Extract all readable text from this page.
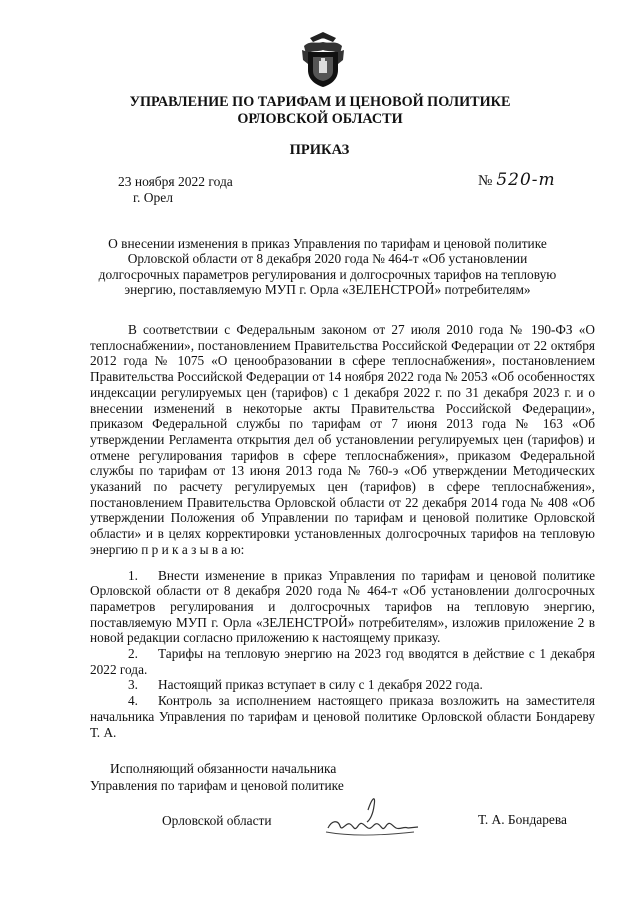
УПРАВЛЕНИЕ ПО ТАРИФАМ И ЦЕНОВОЙ ПОЛИТИКЕ
ОРЛОВСКОЙ ОБЛАСТИ
ПРИКАЗ
23 ноября 2022 года
г. Орел
№ 520-т
О внесении изменения в приказ Управления по тарифам и ценовой политике
Орловской области от 8 декабря 2020 года № 464-т «Об установлении
долгосрочных параметров регулирования и долгосрочных тарифов на тепловую
энергию, поставляемую МУП г. Орла «ЗЕЛЕНСТРОЙ» потребителям»

В соответствии с Федеральным законом от 27 июля 2010 года № 190-ФЗ «О теплоснабжении», постановлением Правительства Российской Федерации от 22 октября 2012 года № 1075 «О ценообразовании в сфере теплоснабжения», постановлением Правительства Российской Федерации от 14 ноября 2022 года № 2053 «Об особенностях индексации регулируемых цен (тарифов) с 1 декабря 2022 г. по 31 декабря 2023 г. и о внесении изменений в некоторые акты Правительства Российской Федерации», приказом Федеральной службы по тарифам от 7 июня 2013 года № 163 «Об утверждении Регламента открытия дел об установлении регулируемых цен (тарифов) и отмене регулирования тарифов в сфере теплоснабжения», приказом Федеральной службы по тарифам от 13 июня 2013 года № 760-э «Об утверждении Методических указаний по расчету регулируемых цен (тарифов) в сфере теплоснабжения», постановлением Правительства Орловской области от 22 декабря 2014 года № 408 «Об утверждении Положения об Управлении по тарифам и ценовой политике Орловской области» и в целях корректировки установленных долгосрочных тарифов на тепловую энергию п р и к а з ы в а ю:

1. Внести изменение в приказ Управления по тарифам и ценовой политике Орловской области от 8 декабря 2020 года № 464-т «Об установлении долгосрочных параметров регулирования и долгосрочных тарифов на тепловую энергию, поставляемую МУП г. Орла «ЗЕЛЕНСТРОЙ» потребителям», изложив приложение 2 в новой редакции согласно приложению к настоящему приказу.

2. Тарифы на тепловую энергию на 2023 год вводятся в действие с 1 декабря 2022 года.

3. Настоящий приказ вступает в силу с 1 декабря 2022 года.

4. Контроль за исполнением настоящего приказа возложить на заместителя начальника Управления по тарифам и ценовой политике Орловской области Бондареву Т. А.

Исполняющий обязанности начальника
Управления по тарифам и ценовой политике
Орловской области	Т. А. Бондарева
